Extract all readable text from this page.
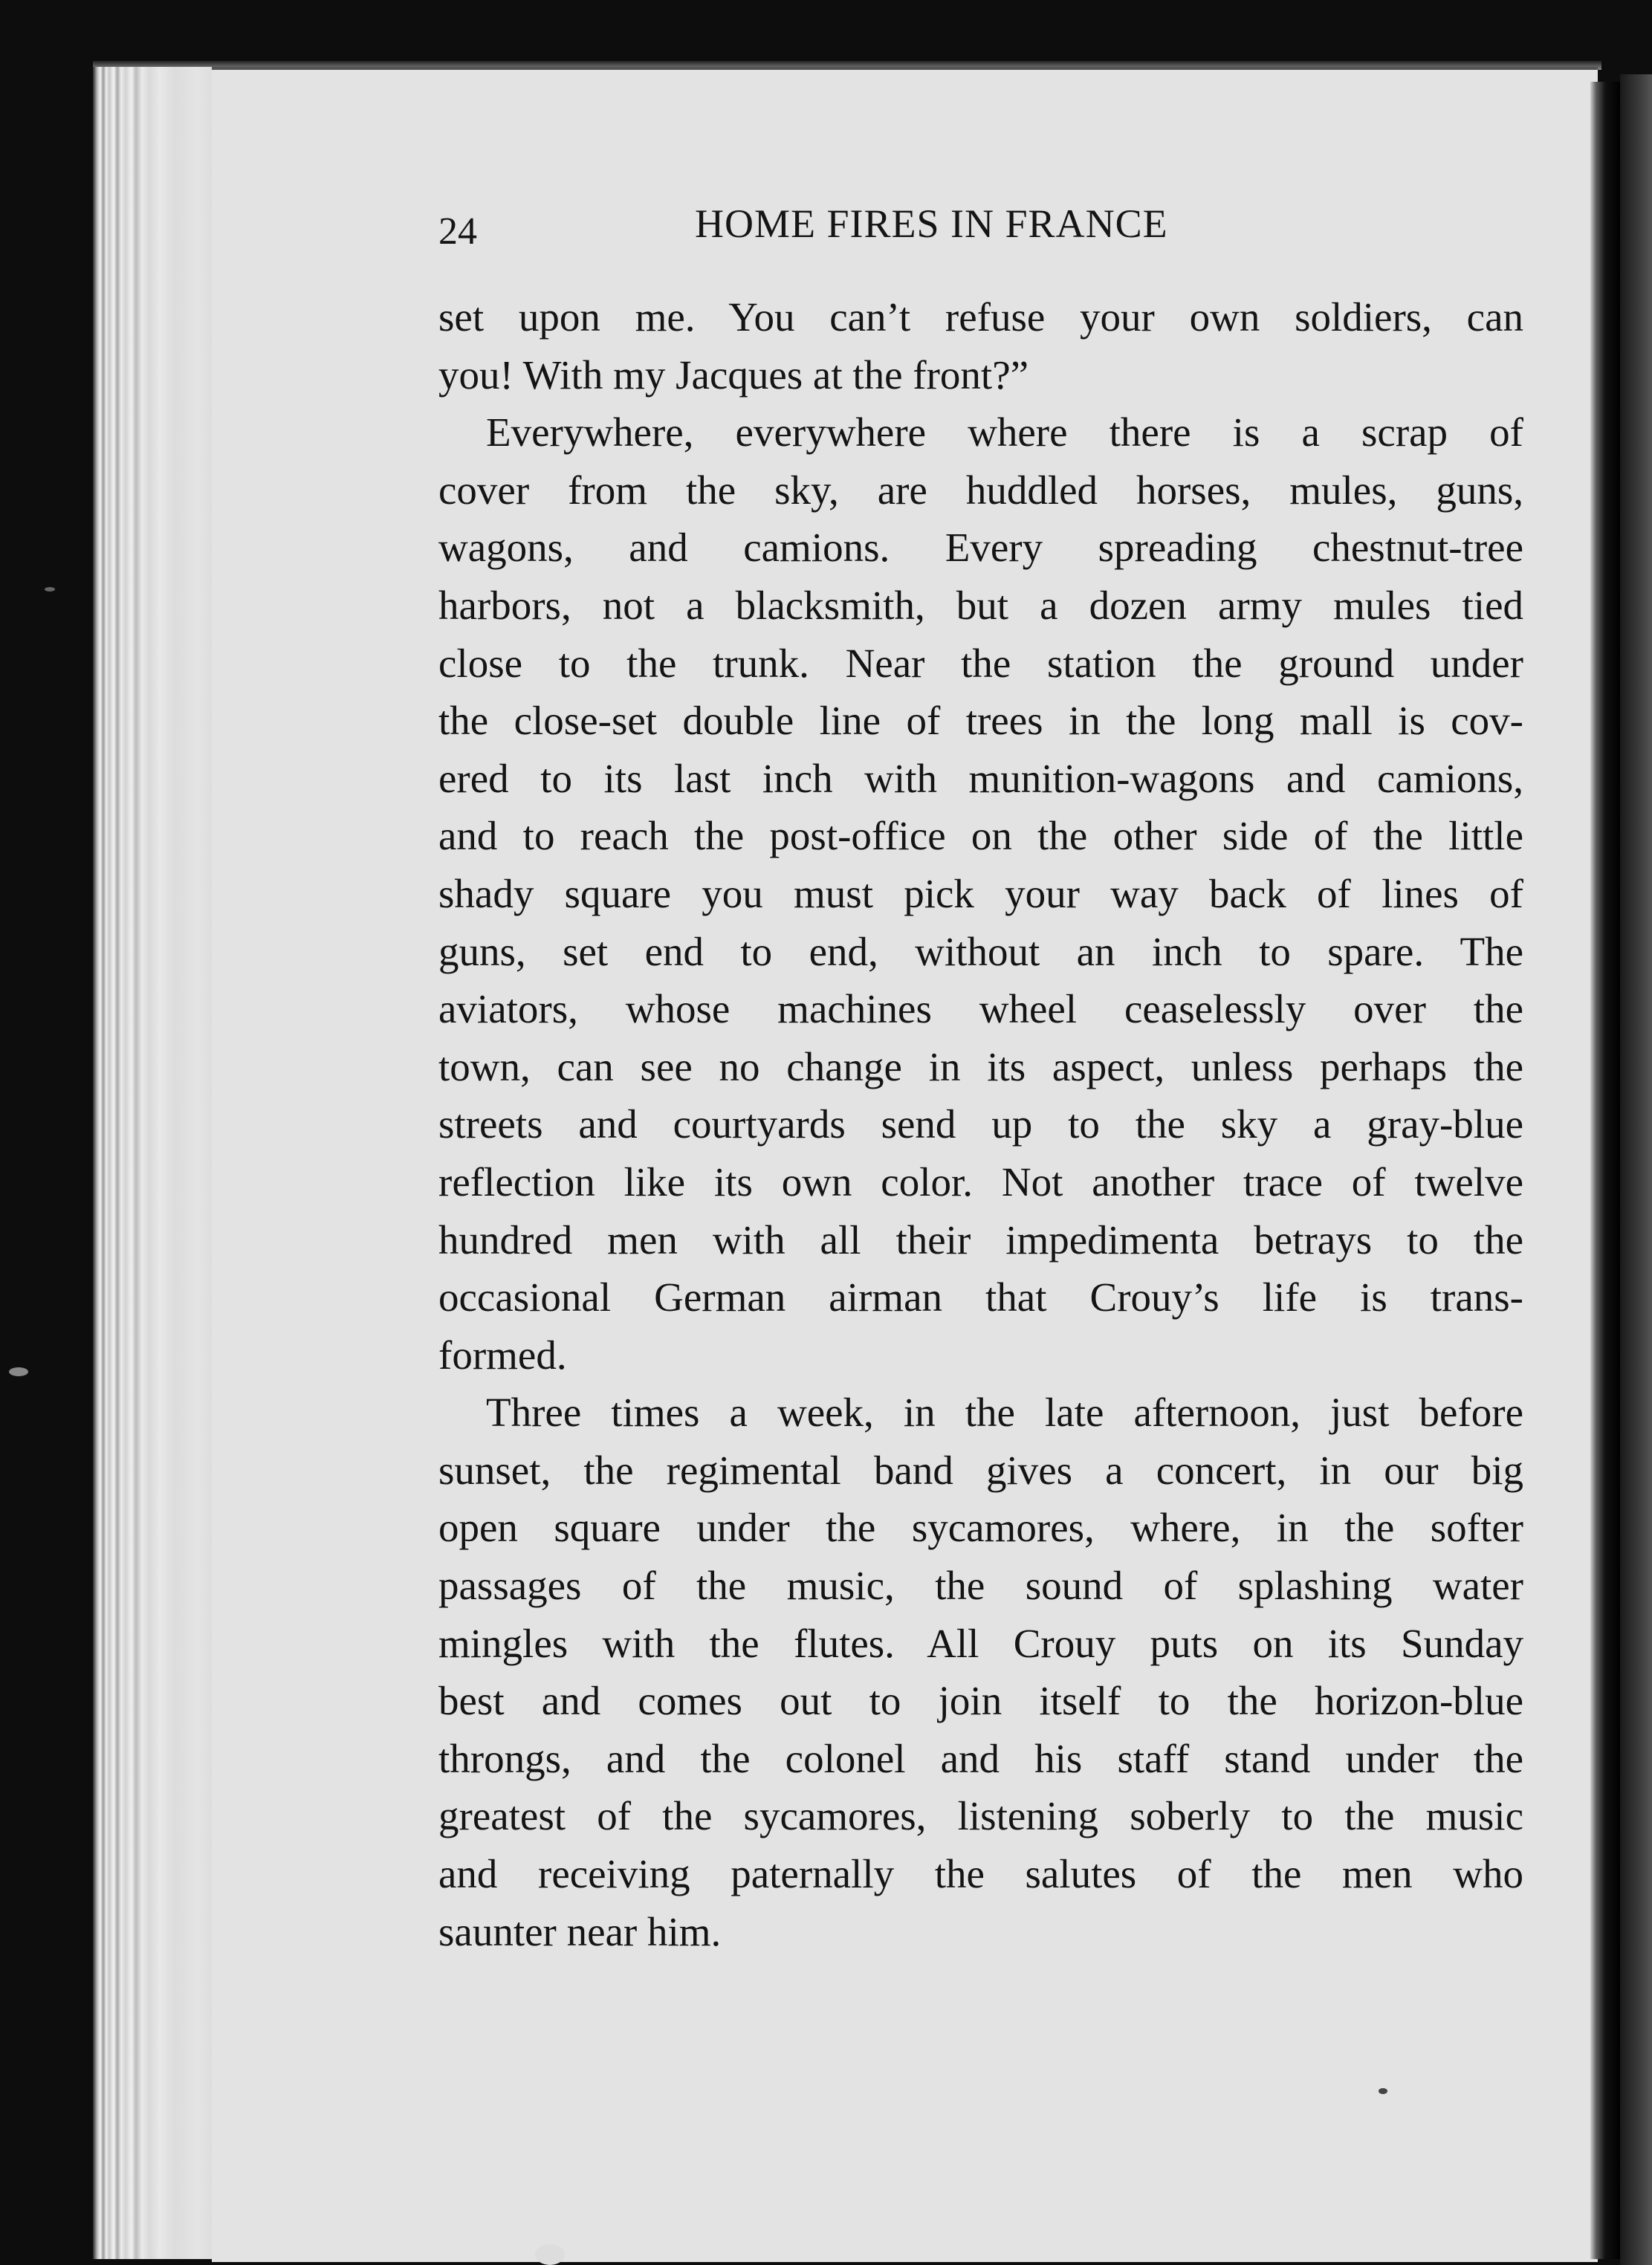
24	HOME FIRES IN FRANCE

set upon me. You can’t refuse your own soldiers, can
you! With my Jacques at the front?”

Everywhere, everywhere where there is a scrap of
cover from the sky, are huddled horses, mules, guns,
wagons, and camions. Every spreading chestnut-tree
harbors, not a blacksmith, but a dozen army mules tied
close to the trunk. Near the station the ground under
the close-set double line of trees in the long mall is cov-
ered to its last inch with munition-wagons and camions,
and to reach the post-office on the other side of the little
shady square you must pick your way back of lines of
guns, set end to end, without an inch to spare. The
aviators, whose machines wheel ceaselessly over the
town, can see no change in its aspect, unless perhaps the
streets and courtyards send up to the sky a gray-blue
reflection like its own color. Not another trace of twelve
hundred men with all their impedimenta betrays to the
occasional German airman that Crouy’s life is trans-
formed.

Three times a week, in the late afternoon, just before
sunset, the regimental band gives a concert, in our big
open square under the sycamores, where, in the softer
passages of the music, the sound of splashing water
mingles with the flutes. All Crouy puts on its Sunday
best and comes out to join itself to the horizon-blue
throngs, and the colonel and his staff stand under the
greatest of the sycamores, listening soberly to the music
and receiving paternally the salutes of the men who
saunter near him.
